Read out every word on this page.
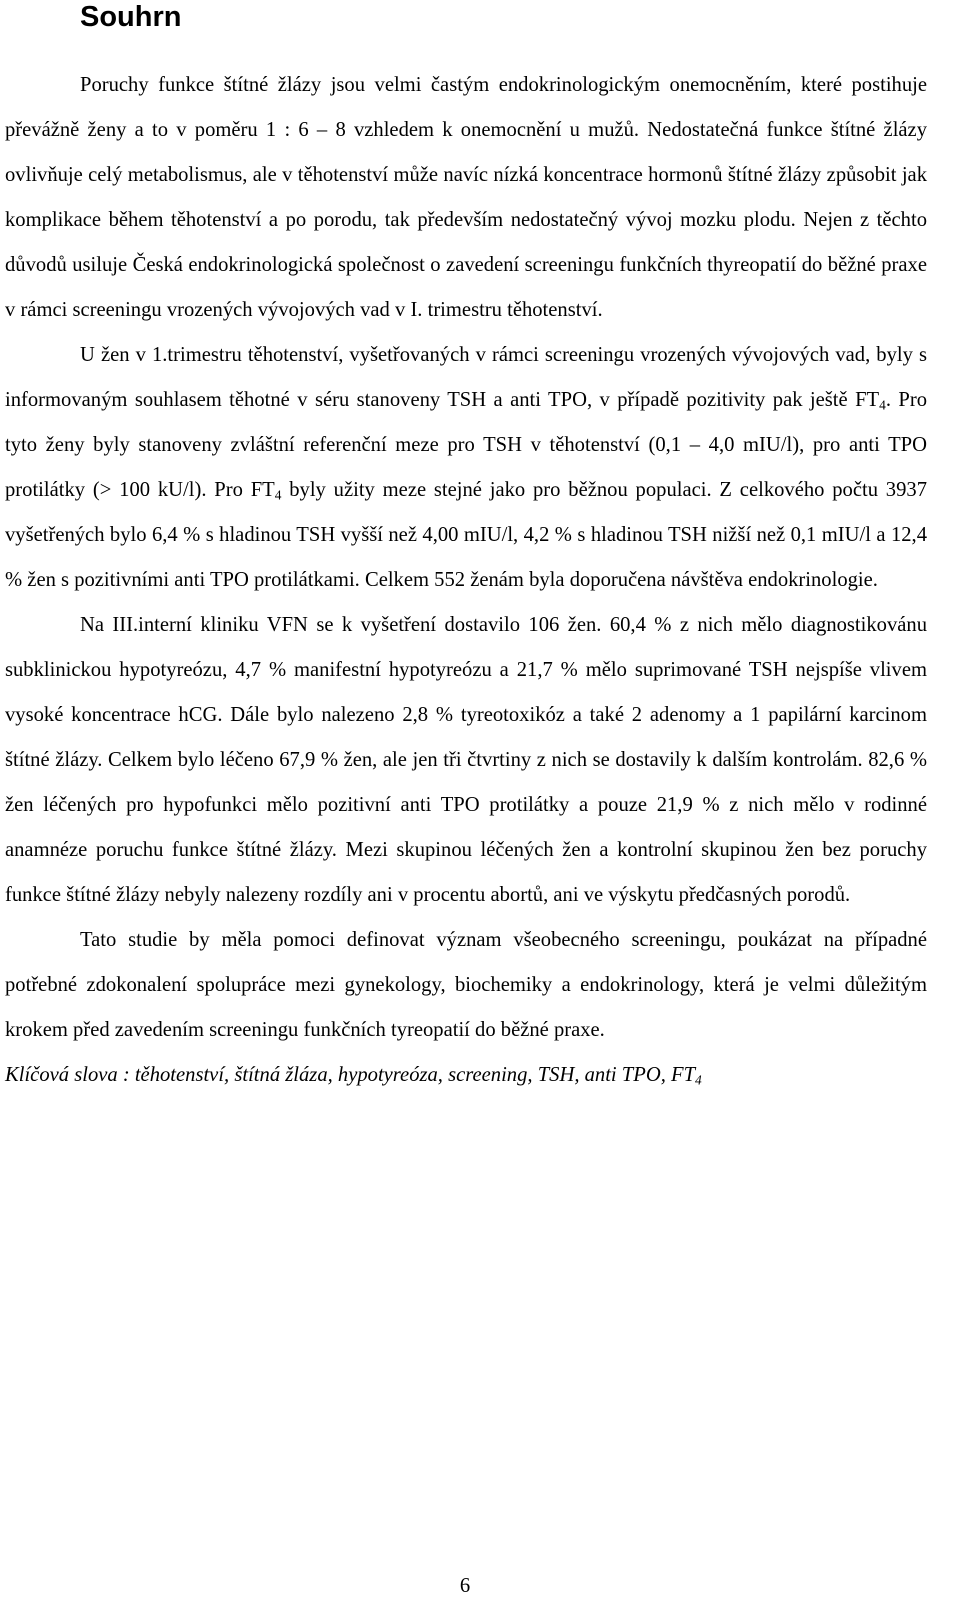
Souhrn

Poruchy funkce štítné žlázy jsou velmi častým endokrinologickým onemocněním, které postihuje převážně ženy a to v poměru 1 : 6 – 8 vzhledem k onemocnění u mužů. Nedostatečná funkce štítné žlázy ovlivňuje celý metabolismus, ale v těhotenství může navíc nízká koncentrace hormonů štítné žlázy způsobit jak komplikace během těhotenství a po porodu, tak především nedostatečný vývoj mozku plodu. Nejen z těchto důvodů usiluje Česká endokrinologická společnost o zavedení screeningu funkčních thyreopatií do běžné praxe v rámci screeningu vrozených vývojových vad v I. trimestru těhotenství.

U žen v 1.trimestru těhotenství, vyšetřovaných v rámci screeningu vrozených vývojových vad, byly s informovaným souhlasem těhotné v séru stanoveny TSH a anti TPO, v případě pozitivity pak ještě $FT_4$. Pro tyto ženy byly stanoveny zvláštní referenční meze pro TSH v těhotenství (0,1 – 4,0 mIU/l), pro anti TPO protilátky (> 100 kU/l). Pro $FT_4$ byly užity meze stejné jako pro běžnou populaci. Z celkového počtu 3937 vyšetřených bylo 6,4 % s hladinou TSH vyšší než 4,00 mIU/l, 4,2 % s hladinou TSH nižší než 0,1 mIU/l a 12,4 % žen s pozitivními anti TPO protilátkami. Celkem 552 ženám byla doporučena návštěva endokrinologie.

Na III.interní kliniku VFN se k vyšetření dostavilo 106 žen. 60,4 % z nich mělo diagnostikovánu subklinickou hypotyreózu, 4,7 % manifestní hypotyreózu a 21,7 % mělo suprimované TSH nejspíše vlivem vysoké koncentrace hCG. Dále bylo nalezeno 2,8 % tyreotoxikóz a také 2 adenomy a 1 papilární karcinom štítné žlázy. Celkem bylo léčeno 67,9 % žen, ale jen tři čtvrtiny z nich se dostavily k dalším kontrolám. 82,6 % žen léčených pro hypofunkci mělo pozitivní anti TPO protilátky a pouze 21,9 % z nich mělo v rodinné anamnéze poruchu funkce štítné žlázy. Mezi skupinou léčených žen a kontrolní skupinou žen bez poruchy funkce štítné žlázy nebyly nalezeny rozdíly ani v procentu abortů, ani ve výskytu předčasných porodů.

Tato studie by měla pomoci definovat význam všeobecného screeningu, poukázat na případné potřebné zdokonalení spolupráce mezi gynekology, biochemiky a endokrinology, která je velmi důležitým krokem před zavedením screeningu funkčních tyreopatií do běžné praxe.

Klíčová slova : těhotenství, štítná žláza, hypotyreóza, screening, TSH, anti TPO, $FT_4$

6
